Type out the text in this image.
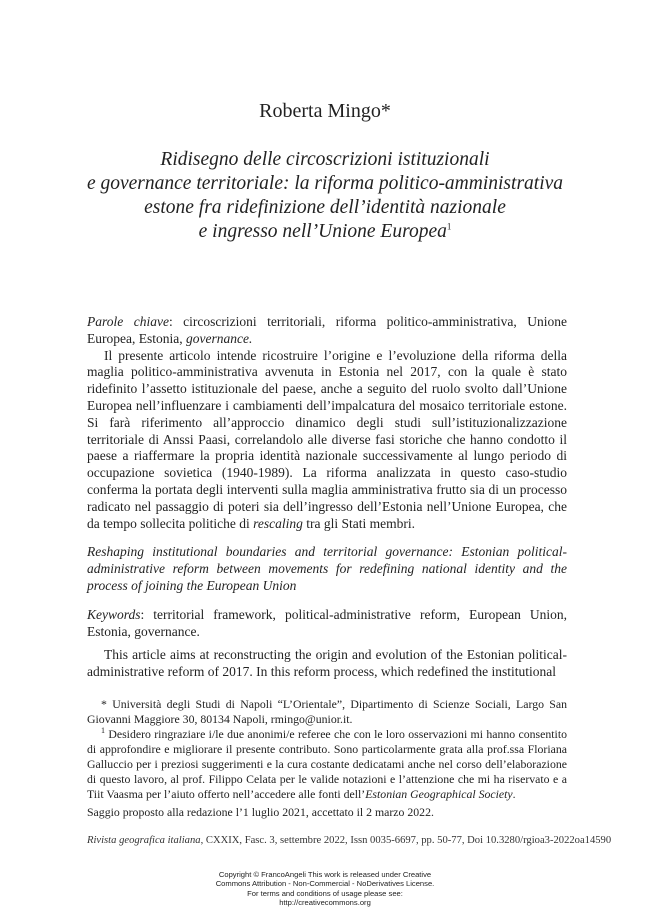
Roberta Mingo*
Ridisegno delle circoscrizioni istituzionali
e governance territoriale: la riforma politico-amministrativa
estone fra ridefinizione dell’identità nazionale
e ingresso nell’Unione Europea$^1$

Parole chiave: circoscrizioni territoriali, riforma politico-amministrativa, Unione Europea, Estonia, governance.

Il presente articolo intende ricostruire l’origine e l’evoluzione della riforma della maglia politico-amministrativa avvenuta in Estonia nel 2017, con la quale è stato ridefinito l’assetto istituzionale del paese, anche a seguito del ruolo svolto dall’Unione Europea nell’influenzare i cambiamenti dell’impalcatura del mosaico territoriale estone. Si farà riferimento all’approccio dinamico degli studi sull’istituzionalizzazione territoriale di Anssi Paasi, correlandolo alle diverse fasi storiche che hanno condotto il paese a riaffermare la propria identità nazionale successivamente al lungo periodo di occupazione sovietica (1940-1989). La riforma analizzata in questo caso-studio conferma la portata degli interventi sulla maglia amministrativa frutto sia di un processo radicato nel passaggio di poteri sia dell’ingresso dell’Estonia nell’Unione Europea, che da tempo sollecita politiche di rescaling tra gli Stati membri.

Reshaping institutional boundaries and territorial governance: Estonian political-administrative reform between movements for redefining national identity and the process of joining the European Union

Keywords: territorial framework, political-administrative reform, European Union, Estonia, governance.

This article aims at reconstructing the origin and evolution of the Estonian political-administrative reform of 2017. In this reform process, which redefined the institutional

* Università degli Studi di Napoli “L’Orientale”, Dipartimento di Scienze Sociali, Largo San Giovanni Maggiore 30, 80134 Napoli, rmingo@unior.it.

$^1$ Desidero ringraziare i/le due anonimi/e referee che con le loro osservazioni mi hanno consentito di approfondire e migliorare il presente contributo. Sono particolarmente grata alla prof.ssa Floriana Galluccio per i preziosi suggerimenti e la cura costante dedicatami anche nel corso dell’elaborazione di questo lavoro, al prof. Filippo Celata per le valide notazioni e l’attenzione che mi ha riservato e a Tiit Vaasma per l’aiuto offerto nell’accedere alle fonti dell’Estonian Geographical Society.

Saggio proposto alla redazione l’1 luglio 2021, accettato il 2 marzo 2022.

Rivista geografica italiana, CXXIX, Fasc. 3, settembre 2022, Issn 0035-6697, pp. 50-77, Doi 10.3280/rgioa3-2022oa14590
Copyright © FrancoAngeli This work is released under Creative
Commons Attribution - Non-Commercial - NoDerivatives License.
For terms and conditions of usage please see:
http://creativecommons.org
